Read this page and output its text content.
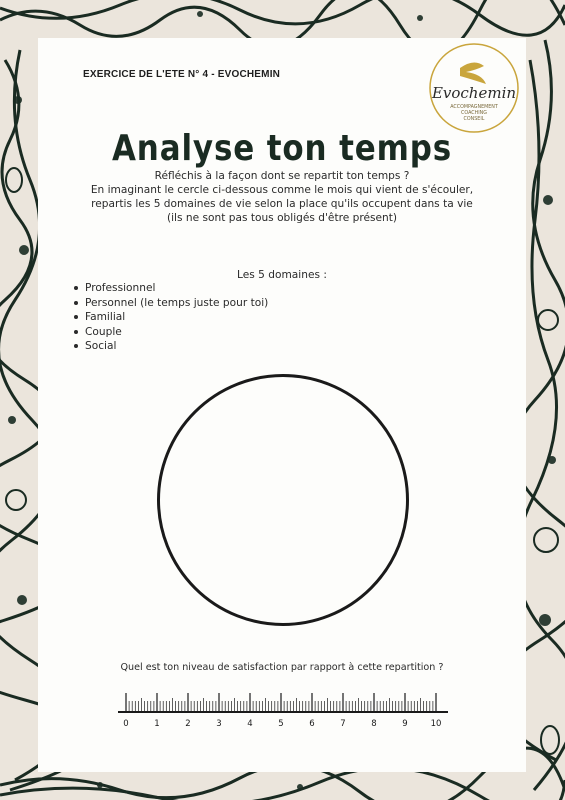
EXERCICE DE L'ETE N° 4 - EVOCHEMIN
Evochemin
ACCOMPAGNEMENT
COACHING
CONSEIL
Analyse ton temps
Réfléchis à la façon dont se repartit ton temps ?
En imaginant le cercle ci-dessous comme le mois qui vient de s'écouler,
repartis les 5 domaines de vie selon la place qu'ils occupent dans ta vie
(ils ne sont pas tous obligés d'être présent)
Les 5 domaines :
Professionnel
Personnel (le temps juste pour toi)
Familial
Couple
Social
Quel est ton niveau de satisfaction par rapport à cette repartition ?
0	1	2	3	4	5	6	7	8	9	10
